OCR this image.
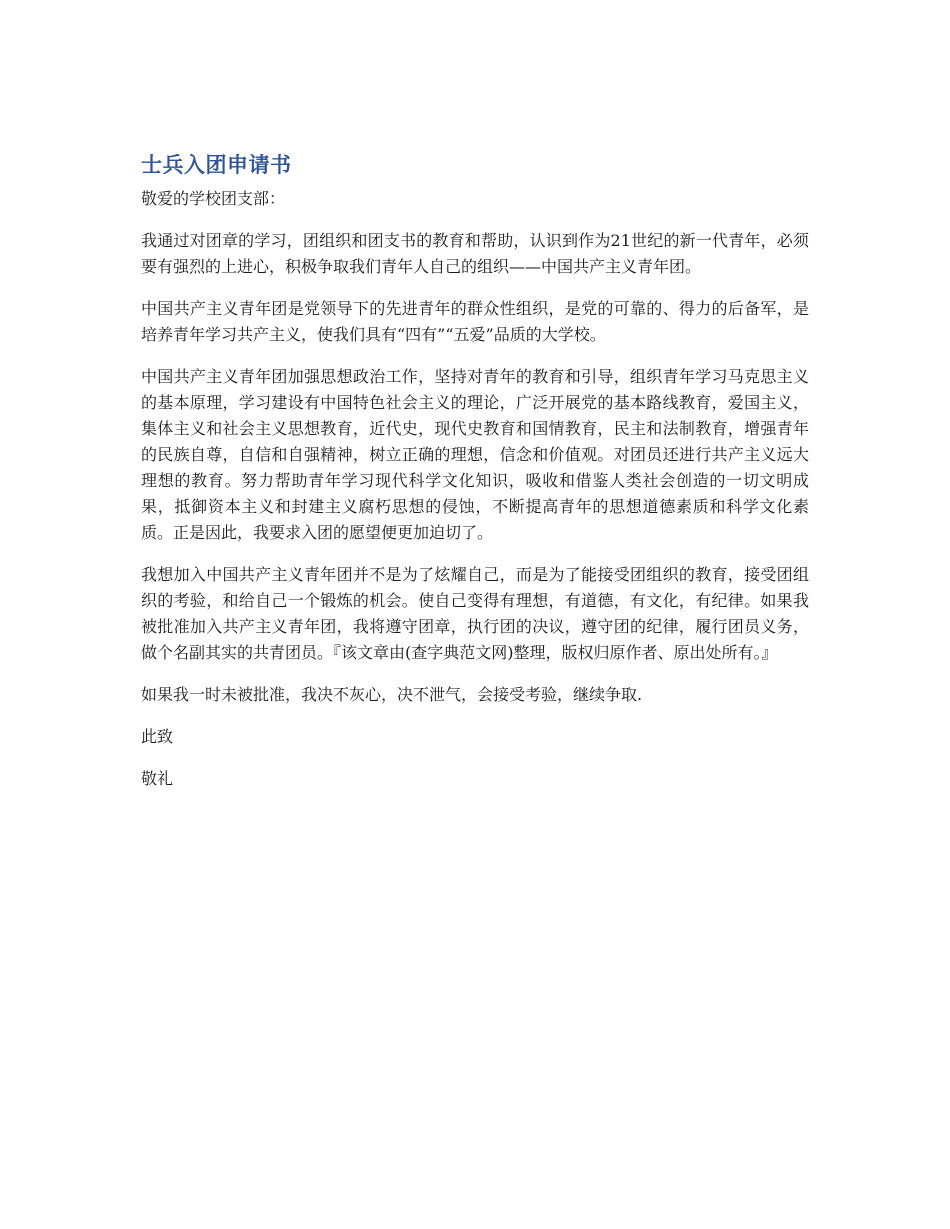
士兵入团申请书

敬爱的学校团支部：

我通过对团章的学习，团组织和团支书的教育和帮助，认识到作为21世纪的新一代青年，必须要有强烈的上进心，积极争取我们青年人自己的组织——中国共产主义青年团。

中国共产主义青年团是党领导下的先进青年的群众性组织，是党的可靠的、得力的后备军，是培养青年学习共产主义，使我们具有“四有”“五爱”品质的大学校。

中国共产主义青年团加强思想政治工作，坚持对青年的教育和引导，组织青年学习马克思主义的基本原理，学习建设有中国特色社会主义的理论，广泛开展党的基本路线教育，爱国主义，集体主义和社会主义思想教育，近代史，现代史教育和国情教育，民主和法制教育，增强青年的民族自尊，自信和自强精神，树立正确的理想，信念和价值观。对团员还进行共产主义远大理想的教育。努力帮助青年学习现代科学文化知识，吸收和借鉴人类社会创造的一切文明成果，抵御资本主义和封建主义腐朽思想的侵蚀，不断提高青年的思想道德素质和科学文化素质。正是因此，我要求入团的愿望便更加迫切了。

我想加入中国共产主义青年团并不是为了炫耀自己，而是为了能接受团组织的教育，接受团组织的考验，和给自己一个锻炼的机会。使自己变得有理想，有道德，有文化，有纪律。如果我被批准加入共产主义青年团，我将遵守团章，执行团的决议，遵守团的纪律，履行团员义务，做个名副其实的共青团员。『该文章由(查字典范文网)整理，版权归原作者、原出处所有。』

如果我一时未被批准，我决不灰心，决不泄气，会接受考验，继续争取.

此致

敬礼
